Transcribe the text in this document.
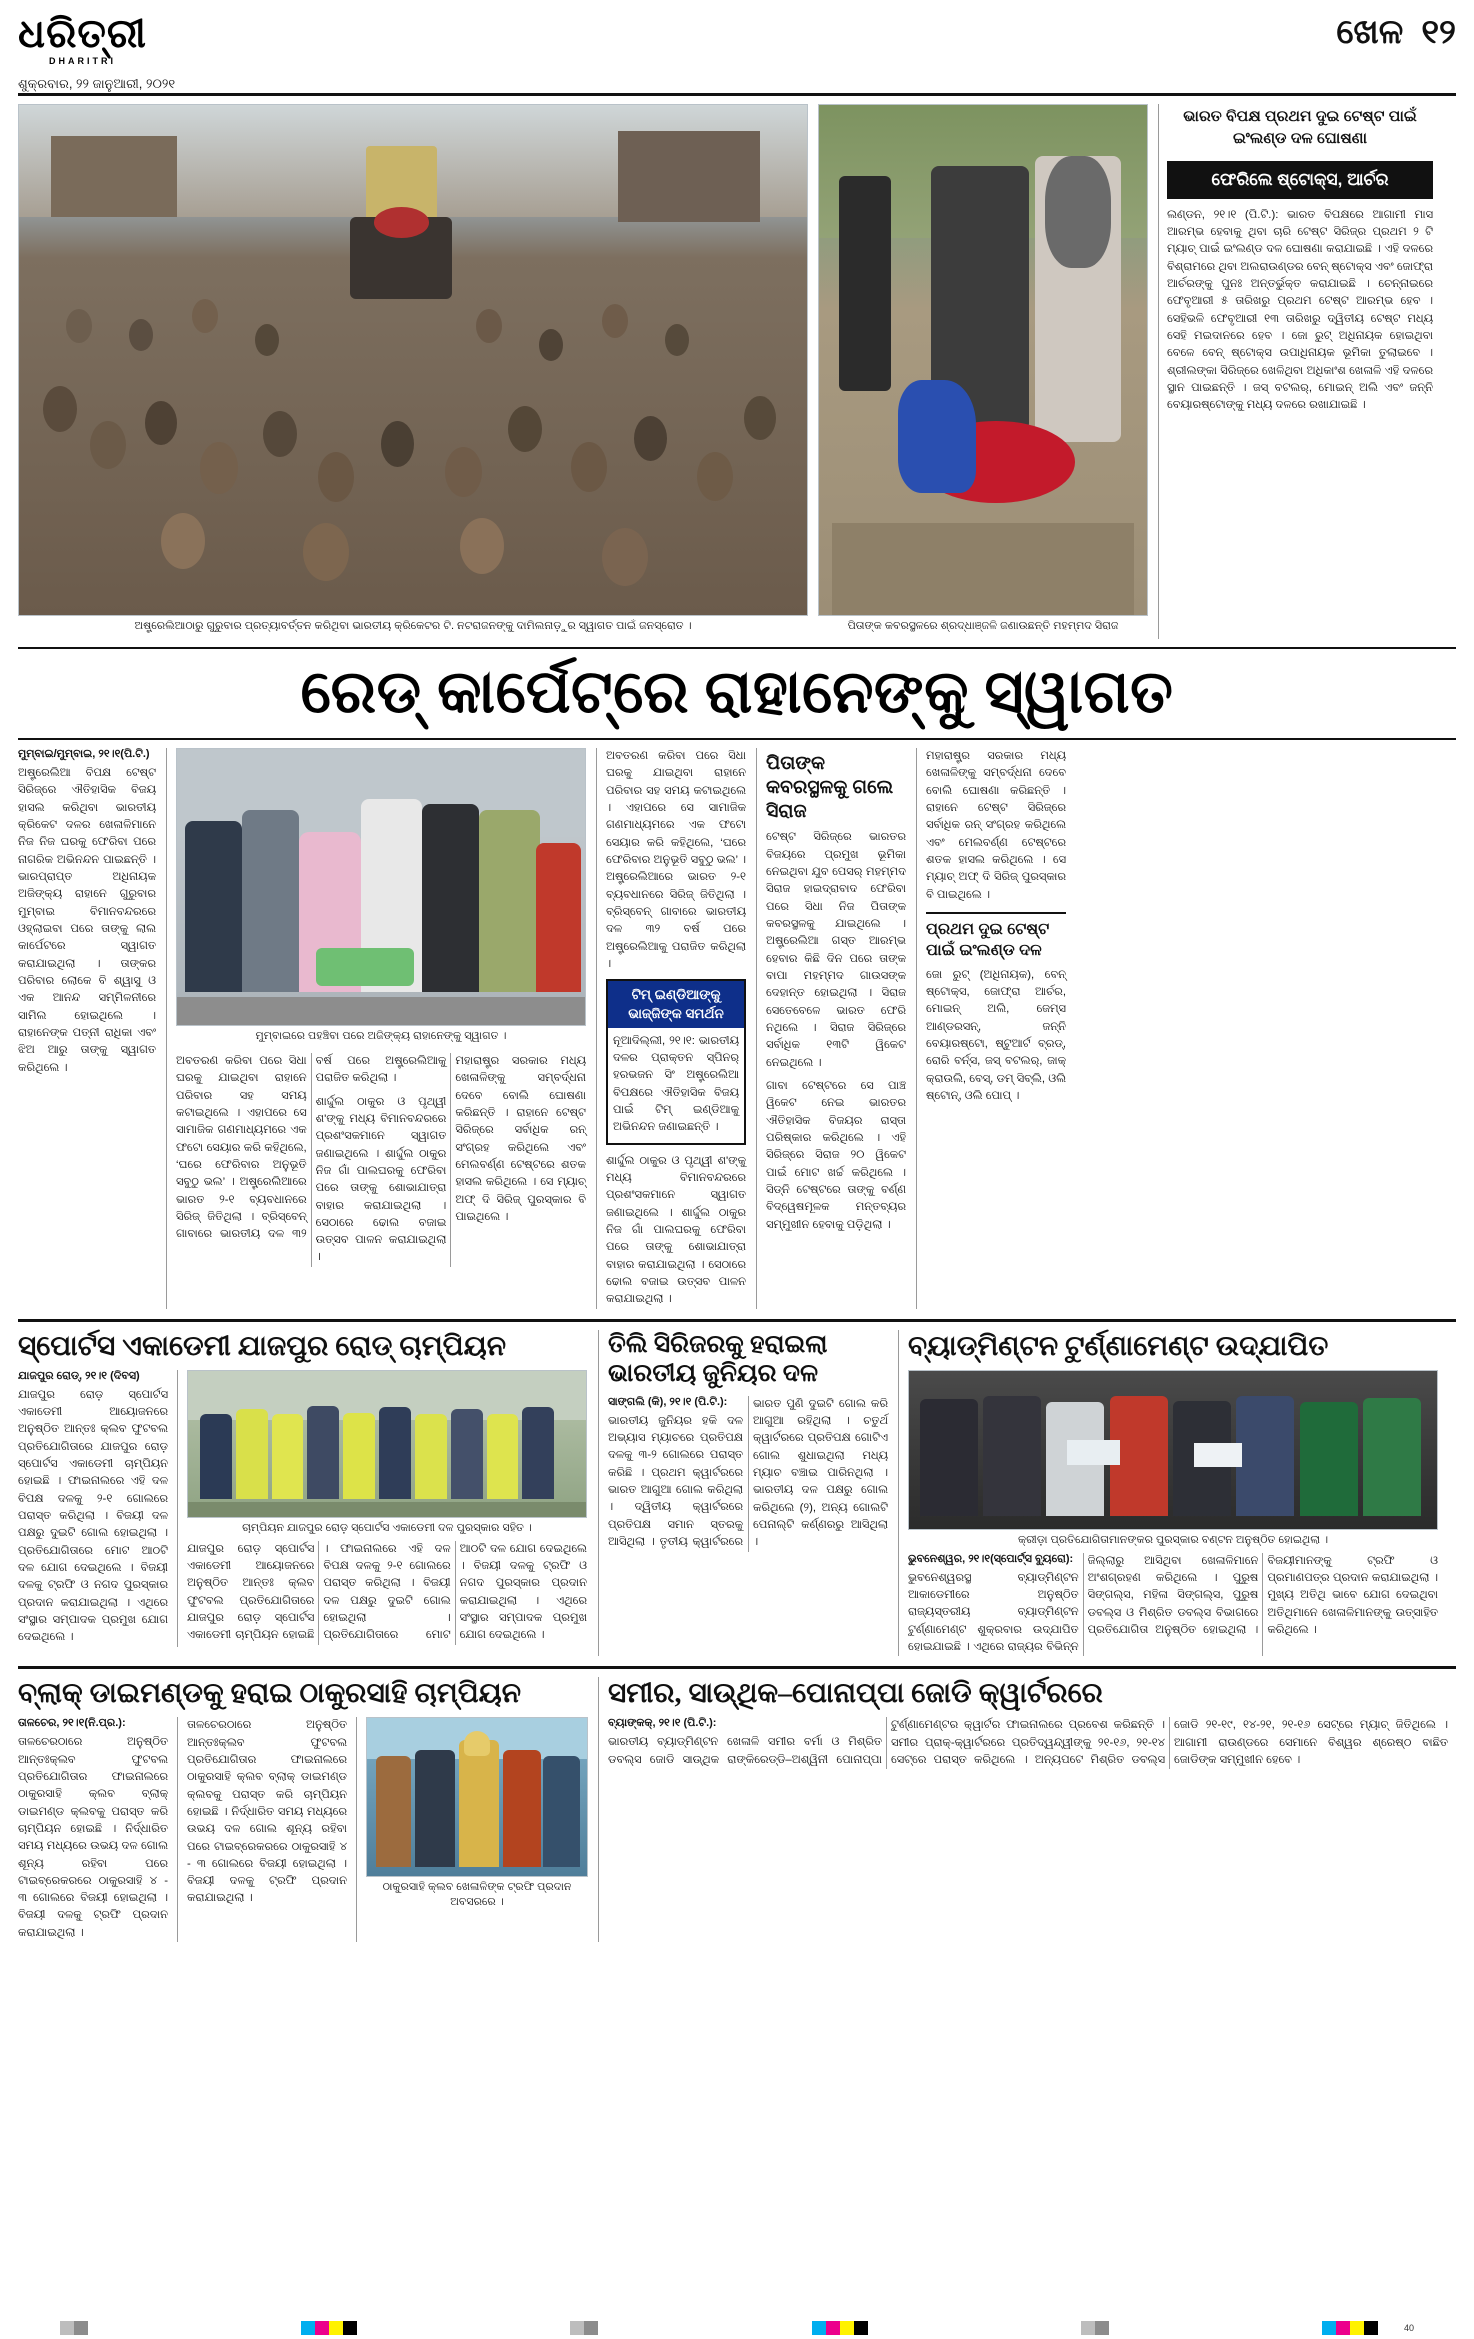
ଧରିତ୍ରୀ
DHARITRI
ଶୁକ୍ରବାର, ୨୨ ଜାନୁଆରୀ, ୨୦୨୧
ଖେଳ ୧୨
ଅଷ୍ଟ୍ରେଲିଆଠାରୁ ଗୁରୁବାର ପ୍ରତ୍ୟାବର୍ତ୍ତନ କରିଥିବା ଭାରତୀୟ କ୍ରିକେଟର ଟି. ନଟରାଜନଙ୍କୁ ଦାମିଲନାଡ଼ୁର ସ୍ୱାଗତ ପାଇଁ ଜନସ୍ରୋତ ।	ପିତାଙ୍କ କବରସ୍ଥଳରେ ଶ୍ରଦ୍ଧାଞ୍ଜଳି ଜଣାଉଛନ୍ତି ମହମ୍ମଦ ସିରାଜ
ଭାରତ ବିପକ୍ଷ ପ୍ରଥମ ଦୁଇ ଟେଷ୍ଟ ପାଇଁ ଇଂଲଣ୍ଡ ଦଳ ଘୋଷଣା
ଫେରିଲେ ଷ୍ଟୋକ୍ସ, ଆର୍ଚର
ଲଣ୍ଡନ, ୨୧।୧ (ପି.ଟି.): ଭାରତ ବିପକ୍ଷରେ ଆଗାମୀ ମାସ ଆରମ୍ଭ ହେବାକୁ ଥିବା ଚାରି ଟେଷ୍ଟ ସିରିଜ୍‌ର ପ୍ରଥମ ୨ ଟି ମ୍ୟାଚ୍‌ ପାଇଁ ଇଂଲଣ୍ଡ ଦଳ ଘୋଷଣା କରାଯାଇଛି । ଏହି ଦଳରେ ବିଶ୍ରାମରେ ଥିବା ଅଲରାଉଣ୍ଡର ବେନ୍‌ ଷ୍ଟୋକ୍ସ ଏବଂ ଜୋଫ୍ରା ଆର୍ଚରଙ୍କୁ ପୁନଃ ଅନ୍ତର୍ଭୁକ୍ତ କରାଯାଇଛି । ଚେନ୍ନାଇରେ ଫେବୃଆରୀ ୫ ତାରିଖରୁ ପ୍ରଥମ ଟେଷ୍ଟ ଆରମ୍ଭ ହେବ । ସେହିଭଳି ଫେବୃଆରୀ ୧୩ ତାରିଖରୁ ଦ୍ୱିତୀୟ ଟେଷ୍ଟ ମଧ୍ୟ ସେହି ମଇଦାନରେ ହେବ । ଜୋ ରୁଟ୍‌ ଅଧିନାୟକ ହୋଇଥିବା ବେଳେ ବେନ୍‌ ଷ୍ଟୋକ୍ସ ଉପାଧିନାୟକ ଭୂମିକା ତୁଲାଇବେ । ଶ୍ରୀଲଙ୍କା ସିରିଜ୍‌ରେ ଖେଳିଥିବା ଅଧିକାଂଶ ଖେଳାଳି ଏହି ଦଳରେ ସ୍ଥାନ ପାଇଛନ୍ତି । ଜସ୍‌ ବଟଲର୍‌, ମୋଇନ୍‌ ଅଲି ଏବଂ ଜନ୍ନି ବେୟାରଷ୍ଟୋଙ୍କୁ ମଧ୍ୟ ଦଳରେ ରଖାଯାଇଛି ।
ରେଡ୍‌ କାର୍ପେଟ୍‌ରେ ରାହାନେଙ୍କୁ ସ୍ୱାଗତ
ମୁମ୍ବାଇ/ମୁମ୍ବାଇ, ୨୧।୧(ପି.ଟି.)
ଅଷ୍ଟ୍ରେଲିଆ ବିପକ୍ଷ ଟେଷ୍ଟ ସିରିଜ୍‌ରେ ଐତିହାସିକ ବିଜୟ ହାସଲ କରିଥିବା ଭାରତୀୟ କ୍ରିକେଟ ଦଳର ଖେଳାଳିମାନେ ନିଜ ନିଜ ଘରକୁ ଫେରିବା ପରେ ନାଗରିକ ଅଭିନନ୍ଦନ ପାଇଛନ୍ତି । ଭାରପ୍ରାପ୍ତ ଅଧିନାୟକ ଅଜିଙ୍କ୍ୟ ରାହାନେ ଗୁରୁବାର ମୁମ୍ବାଇ ବିମାନବନ୍ଦରରେ ଓହ୍ଲାଇବା ପରେ ତାଙ୍କୁ ଲାଲ କାର୍ପେଟରେ ସ୍ୱାଗତ କରାଯାଇଥିଲା । ତାଙ୍କର ପରିବାର ଲୋକେ ବି ଶ୍ୱାସୁ ଓ ଏକ ଆନନ୍ଦ ସମ୍ମିଳନୀରେ ସାମିଲ ହୋଇଥିଲେ । ରାହାନେଙ୍କ ପତ୍ନୀ ରାଧିକା ଏବଂ ଝିଅ ଆରୁ ତାଙ୍କୁ ସ୍ୱାଗତ କରିଥିଲେ ।
ମୁମ୍ବାଇରେ ପହଞ୍ଚିବା ପରେ ଅଜିଙ୍କ୍ୟ ରାହାନେଙ୍କୁ ସ୍ୱାଗତ ।
ଅବତରଣ କରିବା ପରେ ସିଧା ଘରକୁ ଯାଇଥିବା ରାହାନେ ପରିବାର ସହ ସମୟ କଟାଇଥିଲେ । ଏହାପରେ ସେ ସାମାଜିକ ଗଣମାଧ୍ୟମରେ ଏକ ଫଟୋ ସେୟାର କରି କହିଥିଲେ, ‘ଘରେ ଫେରିବାର ଅନୁଭୂତି ସବୁଠୁ ଭଲ’ । ଅଷ୍ଟ୍ରେଲିଆରେ ଭାରତ ୨-୧ ବ୍ୟବଧାନରେ ସିରିଜ୍‌ ଜିତିଥିଲା । ବ୍ରିସ୍‌ବେନ୍‌ ଗାବାରେ ଭାରତୀୟ ଦଳ ୩୨ ବର୍ଷ ପରେ ଅଷ୍ଟ୍ରେଲିଆକୁ ପରାଜିତ କରିଥିଲା ।
ଶାର୍ଦ୍ଦୁଲ ଠାକୁର ଓ ପୃଥ୍ୱୀ ଶ'ଙ୍କୁ ମଧ୍ୟ ବିମାନବନ୍ଦରରେ ପ୍ରଶଂସକମାନେ ସ୍ୱାଗତ ଜଣାଇଥିଲେ । ଶାର୍ଦ୍ଦୁଲ ଠାକୁର ନିଜ ଗାଁ ପାଲଘରକୁ ଫେରିବା ପରେ ତାଙ୍କୁ ଶୋଭାଯାତ୍ରା ବାହାର କରାଯାଇଥିଲା । ସେଠାରେ ଢୋଲ ବଜାଇ ଉତ୍ସବ ପାଳନ କରାଯାଇଥିଲା ।
ମହାରାଷ୍ଟ୍ର ସରକାର ମଧ୍ୟ ଖେଳାଳିଙ୍କୁ ସମ୍ବର୍ଦ୍ଧନା ଦେବେ ବୋଲି ଘୋଷଣା କରିଛନ୍ତି । ରାହାନେ ଟେଷ୍ଟ ସିରିଜ୍‌ରେ ସର୍ବାଧିକ ରନ୍‌ ସଂଗ୍ରହ କରିଥିଲେ ଏବଂ ମେଲବର୍ଣ୍ଣ ଟେଷ୍ଟରେ ଶତକ ହାସଲ କରିଥିଲେ । ସେ ମ୍ୟାଚ୍‌ ଅଫ୍‌ ଦି ସିରିଜ୍‌ ପୁରସ୍କାର ବି ପାଇଥିଲେ ।
ଅବତରଣ କରିବା ପରେ ସିଧା ଘରକୁ ଯାଇଥିବା ରାହାନେ ପରିବାର ସହ ସମୟ କଟାଇଥିଲେ । ଏହାପରେ ସେ ସାମାଜିକ ଗଣମାଧ୍ୟମରେ ଏକ ଫଟୋ ସେୟାର କରି କହିଥିଲେ, ‘ଘରେ ଫେରିବାର ଅନୁଭୂତି ସବୁଠୁ ଭଲ’ । ଅଷ୍ଟ୍ରେଲିଆରେ ଭାରତ ୨-୧ ବ୍ୟବଧାନରେ ସିରିଜ୍‌ ଜିତିଥିଲା । ବ୍ରିସ୍‌ବେନ୍‌ ଗାବାରେ ଭାରତୀୟ ଦଳ ୩୨ ବର୍ଷ ପରେ ଅଷ୍ଟ୍ରେଲିଆକୁ ପରାଜିତ କରିଥିଲା ।
ଟିମ୍‌ ଇଣ୍ଡିଆଙ୍କୁ ଭାଜ୍ଜିଙ୍କ ସମର୍ଥନ
ନୂଆଦିଲ୍ଲୀ, ୨୧।୧: ଭାରତୀୟ ଦଳର ପ୍ରାକ୍ତନ ସ୍ପିନର୍‌ ହରଭଜନ ସିଂ ଅଷ୍ଟ୍ରେଲିଆ ବିପକ୍ଷରେ ଐତିହାସିକ ବିଜୟ ପାଇଁ ଟିମ୍‌ ଇଣ୍ଡିଆକୁ ଅଭିନନ୍ଦନ ଜଣାଇଛନ୍ତି ।
ଶାର୍ଦ୍ଦୁଲ ଠାକୁର ଓ ପୃଥ୍ୱୀ ଶ'ଙ୍କୁ ମଧ୍ୟ ବିମାନବନ୍ଦରରେ ପ୍ରଶଂସକମାନେ ସ୍ୱାଗତ ଜଣାଇଥିଲେ । ଶାର୍ଦ୍ଦୁଲ ଠାକୁର ନିଜ ଗାଁ ପାଲଘରକୁ ଫେରିବା ପରେ ତାଙ୍କୁ ଶୋଭାଯାତ୍ରା ବାହାର କରାଯାଇଥିଲା । ସେଠାରେ ଢୋଲ ବଜାଇ ଉତ୍ସବ ପାଳନ କରାଯାଇଥିଲା ।
ପିତାଙ୍କ କବରସ୍ଥଳକୁ ଗଲେ ସିରାଜ
ଟେଷ୍ଟ ସିରିଜ୍‌ରେ ଭାରତର ବିଜୟରେ ପ୍ରମୁଖ ଭୂମିକା ନେଇଥିବା ଯୁବ ପେସର୍‌ ମହମ୍ମଦ ସିରାଜ ହାଇଦ୍ରାବାଦ ଫେରିବା ପରେ ସିଧା ନିଜ ପିତାଙ୍କ କବରସ୍ଥଳକୁ ଯାଇଥିଲେ । ଅଷ୍ଟ୍ରେଲିଆ ଗସ୍ତ ଆରମ୍ଭ ହେବାର କିଛି ଦିନ ପରେ ତାଙ୍କ ବାପା ମହମ୍ମଦ ଗାଉସଙ୍କ ଦେହାନ୍ତ ହୋଇଥିଲା । ସିରାଜ ସେତେବେଳେ ଭାରତ ଫେରି ନଥିଲେ । ସିରାଜ ସିରିଜ୍‌ରେ ସର୍ବାଧିକ ୧୩ଟି ୱିକେଟ ନେଇଥିଲେ ।
ଗାବା ଟେଷ୍ଟରେ ସେ ପାଞ୍ଚ ୱିକେଟ ନେଇ ଭାରତର ଐତିହାସିକ ବିଜୟର ରାସ୍ତା ପରିଷ୍କାର କରିଥିଲେ । ଏହି ସିରିଜ୍‌ରେ ସିରାଜ ୨୦ ୱିକେଟ ପାଇଁ ମୋଟ ଖର୍ଚ୍ଚ କରିଥିଲେ । ସିଡ୍‌ନି ଟେଷ୍ଟରେ ତାଙ୍କୁ ବର୍ଣ୍ଣ ବିଦ୍ୱେଷମୂଳକ ମନ୍ତବ୍ୟର ସମ୍ମୁଖୀନ ହେବାକୁ ପଡ଼ିଥିଲା ।
ମହାରାଷ୍ଟ୍ର ସରକାର ମଧ୍ୟ ଖେଳାଳିଙ୍କୁ ସମ୍ବର୍ଦ୍ଧନା ଦେବେ ବୋଲି ଘୋଷଣା କରିଛନ୍ତି । ରାହାନେ ଟେଷ୍ଟ ସିରିଜ୍‌ରେ ସର୍ବାଧିକ ରନ୍‌ ସଂଗ୍ରହ କରିଥିଲେ ଏବଂ ମେଲବର୍ଣ୍ଣ ଟେଷ୍ଟରେ ଶତକ ହାସଲ କରିଥିଲେ । ସେ ମ୍ୟାଚ୍‌ ଅଫ୍‌ ଦି ସିରିଜ୍‌ ପୁରସ୍କାର ବି ପାଇଥିଲେ ।
ପ୍ରଥମ ଦୁଇ ଟେଷ୍ଟ ପାଇଁ ଇଂଲଣ୍ଡ ଦଳ
ଜୋ ରୁଟ୍‌ (ଅଧିନାୟକ), ବେନ୍‌ ଷ୍ଟୋକ୍ସ, ଜୋଫ୍ରା ଆର୍ଚର, ମୋଇନ୍‌ ଅଲି, ଜେମ୍ସ ଆଣ୍ଡରସନ୍‌, ଜନ୍ନି ବେୟାରଷ୍ଟୋ, ଷ୍ଟୁଆର୍ଟ ବ୍ରଡ୍‌, ରୋରି ବର୍ନ୍ସ, ଜସ୍‌ ବଟଲର୍‌, ଜାକ୍‌ କ୍ରାଉଲି, ବେସ୍‌, ଡମ୍‌ ସିବ୍‌ଲି, ଓଲି ଷ୍ଟୋନ୍‌, ଓଲି ପୋପ୍‌ ।
ସ୍ପୋର୍ଟସ ଏକାଡେମୀ ଯାଜପୁର ରୋଡ୍‌ ଚାମ୍ପିୟନ
ଯାଜପୁର ରୋଡ୍‌, ୨୧।୧ (ଦିବସ)
ଯାଜପୁର ରୋଡ଼ ସ୍ପୋର୍ଟସ ଏକାଡେମୀ ଆୟୋଜନରେ ଅନୁଷ୍ଠିତ ଆନ୍ତଃ କ୍ଲବ ଫୁଟବଲ ପ୍ରତିଯୋଗିତାରେ ଯାଜପୁର ରୋଡ଼ ସ୍ପୋର୍ଟସ ଏକାଡେମୀ ଚାମ୍ପିୟନ ହୋଇଛି । ଫାଇନାଲରେ ଏହି ଦଳ ବିପକ୍ଷ ଦଳକୁ ୨-୧ ଗୋଲରେ ପରାସ୍ତ କରିଥିଲା । ବିଜୟୀ ଦଳ ପକ୍ଷରୁ ଦୁଇଟି ଗୋଲ ହୋଇଥିଲା । ପ୍ରତିଯୋଗିତାରେ ମୋଟ ଆଠଟି ଦଳ ଯୋଗ ଦେଇଥିଲେ । ବିଜୟୀ ଦଳକୁ ଟ୍ରଫି ଓ ନଗଦ ପୁରସ୍କାର ପ୍ରଦାନ କରାଯାଇଥିଲା । ଏଥିରେ ସଂସ୍ଥାର ସମ୍ପାଦକ ପ୍ରମୁଖ ଯୋଗ ଦେଇଥିଲେ ।
ଚାମ୍ପିୟନ ଯାଜପୁର ରୋଡ଼ ସ୍ପୋର୍ଟସ ଏକାଡେମୀ ଦଳ ପୁରସ୍କାର ସହିତ ।
ଯାଜପୁର ରୋଡ଼ ସ୍ପୋର୍ଟସ ଏକାଡେମୀ ଆୟୋଜନରେ ଅନୁଷ୍ଠିତ ଆନ୍ତଃ କ୍ଲବ ଫୁଟବଲ ପ୍ରତିଯୋଗିତାରେ ଯାଜପୁର ରୋଡ଼ ସ୍ପୋର୍ଟସ ଏକାଡେମୀ ଚାମ୍ପିୟନ ହୋଇଛି । ଫାଇନାଲରେ ଏହି ଦଳ ବିପକ୍ଷ ଦଳକୁ ୨-୧ ଗୋଲରେ ପରାସ୍ତ କରିଥିଲା । ବିଜୟୀ ଦଳ ପକ୍ଷରୁ ଦୁଇଟି ଗୋଲ ହୋଇଥିଲା । ପ୍ରତିଯୋଗିତାରେ ମୋଟ ଆଠଟି ଦଳ ଯୋଗ ଦେଇଥିଲେ । ବିଜୟୀ ଦଳକୁ ଟ୍ରଫି ଓ ନଗଦ ପୁରସ୍କାର ପ୍ରଦାନ କରାଯାଇଥିଲା । ଏଥିରେ ସଂସ୍ଥାର ସମ୍ପାଦକ ପ୍ରମୁଖ ଯୋଗ ଦେଇଥିଲେ ।
ତିଲି ସିରିଜରକୁ ହରାଇଲା ଭାରତୀୟ ଜୁନିୟର ଦଳ
ସାଙ୍ଗଲି (କି), ୨୧।୧ (ପି.ଟି.):
ଭାରତୀୟ ଜୁନିୟର ହକି ଦଳ ଅଭ୍ୟାସ ମ୍ୟାଚରେ ପ୍ରତିପକ୍ଷ ଦଳକୁ ୩-୨ ଗୋଲରେ ପରାସ୍ତ କରିଛି । ପ୍ରଥମ କ୍ୱାର୍ଟରରେ ଭାରତ ଆଗୁଆ ଗୋଲ କରିଥିଲା । ଦ୍ୱିତୀୟ କ୍ୱାର୍ଟରରେ ପ୍ରତିପକ୍ଷ ସମାନ ସ୍ତରକୁ ଆସିଥିଲା । ତୃତୀୟ କ୍ୱାର୍ଟରରେ ଭାରତ ପୁଣି ଦୁଇଟି ଗୋଲ କରି ଆଗୁଆ ରହିଥିଲା । ଚତୁର୍ଥ କ୍ୱାର୍ଟରରେ ପ୍ରତିପକ୍ଷ ଗୋଟିଏ ଗୋଲ ଶୁଧାଇଥିଲା ମଧ୍ୟ ମ୍ୟାଚ ବଞ୍ଚାଇ ପାରିନଥିଲା । ଭାରତୀୟ ଦଳ ପକ୍ଷରୁ ଗୋଲ କରିଥିଲେ (୨), ଅନ୍ୟ ଗୋଲଟି ପେନାଲ୍ଟି କର୍ଣ୍ଣରରୁ ଆସିଥିଲା ।
ବ୍ୟାଡ୍‌ମିଣ୍ଟନ ଟୁର୍ଣ୍ଣାମେଣ୍ଟ ଉଦ୍‌ଯାପିତ
କ୍ରୀଡ଼ା ପ୍ରତିଯୋଗିତାମାନଙ୍କର ପୁରସ୍କାର ବଣ୍ଟନ ଅନୁଷ୍ଠିତ ହୋଇଥିଲା ।
ଭୁବନେଶ୍ୱର, ୨୧।୧(ସ୍ପୋର୍ଟ୍ସ ବ୍ୟୁରୋ):
ଭୁବନେଶ୍ୱରସ୍ଥ ବ୍ୟାଡ୍‌ମିଣ୍ଟନ ଆକାଡେମୀରେ ଅନୁଷ୍ଠିତ ରାଜ୍ୟସ୍ତରୀୟ ବ୍ୟାଡ୍‌ମିଣ୍ଟନ ଟୁର୍ଣ୍ଣାମେଣ୍ଟ ଶୁକ୍ରବାର ଉଦ୍‌ଯାପିତ ହୋଇଯାଇଛି । ଏଥିରେ ରାଜ୍ୟର ବିଭିନ୍ନ ଜିଲ୍ଲାରୁ ଆସିଥିବା ଖେଳାଳିମାନେ ଅଂଶଗ୍ରହଣ କରିଥିଲେ । ପୁରୁଷ ସିଙ୍ଗଲ୍ସ, ମହିଳା ସିଙ୍ଗଲ୍ସ, ପୁରୁଷ ଡବଲ୍ସ ଓ ମିଶ୍ରିତ ଡବଲ୍ସ ବିଭାଗରେ ପ୍ରତିଯୋଗିତା ଅନୁଷ୍ଠିତ ହୋଇଥିଲା । ବିଜୟୀମାନଙ୍କୁ ଟ୍ରଫି ଓ ପ୍ରମାଣପତ୍ର ପ୍ରଦାନ କରାଯାଇଥିଲା । ମୁଖ୍ୟ ଅତିଥି ଭାବେ ଯୋଗ ଦେଇଥିବା ଅତିଥିମାନେ ଖେଳାଳିମାନଙ୍କୁ ଉତ୍ସାହିତ କରିଥିଲେ ।
ବ୍ଲାକ୍‌ ଡାଇମଣ୍ଡକୁ ହରାଇ ଠାକୁରସାହି ଚାମ୍ପିୟନ
ତାଳଚେର, ୨୧।୧(ନି.ପ୍ର.):
ତାଳଚେରଠାରେ ଅନୁଷ୍ଠିତ ଆନ୍ତଃକ୍ଲବ ଫୁଟବଲ ପ୍ରତିଯୋଗିତାର ଫାଇନାଲରେ ଠାକୁରସାହି କ୍ଲବ ବ୍ଲାକ୍‌ ଡାଇମଣ୍ଡ କ୍ଲବକୁ ପରାସ୍ତ କରି ଚାମ୍ପିୟନ ହୋଇଛି । ନିର୍ଦ୍ଧାରିତ ସମୟ ମଧ୍ୟରେ ଉଭୟ ଦଳ ଗୋଲ ଶୂନ୍ୟ ରହିବା ପରେ ଟାଇବ୍ରେକରରେ ଠାକୁରସାହି ୪ - ୩ ଗୋଲରେ ବିଜୟୀ ହୋଇଥିଲା । ବିଜୟୀ ଦଳକୁ ଟ୍ରଫି ପ୍ରଦାନ କରାଯାଇଥିଲା ।
ତାଳଚେରଠାରେ ଅନୁଷ୍ଠିତ ଆନ୍ତଃକ୍ଲବ ଫୁଟବଲ ପ୍ରତିଯୋଗିତାର ଫାଇନାଲରେ ଠାକୁରସାହି କ୍ଲବ ବ୍ଲାକ୍‌ ଡାଇମଣ୍ଡ କ୍ଲବକୁ ପରାସ୍ତ କରି ଚାମ୍ପିୟନ ହୋଇଛି । ନିର୍ଦ୍ଧାରିତ ସମୟ ମଧ୍ୟରେ ଉଭୟ ଦଳ ଗୋଲ ଶୂନ୍ୟ ରହିବା ପରେ ଟାଇବ୍ରେକରରେ ଠାକୁରସାହି ୪ - ୩ ଗୋଲରେ ବିଜୟୀ ହୋଇଥିଲା । ବିଜୟୀ ଦଳକୁ ଟ୍ରଫି ପ୍ରଦାନ କରାଯାଇଥିଲା ।
ଠାକୁରସାହି କ୍ଲବ ଖେଳାଳିଙ୍କ ଟ୍ରଫି ପ୍ରଦାନ ଅବସରରେ ।
ସମୀର, ସାଉ୍ଥିକ–ପୋନାପ୍ପା ଜୋଡି କ୍ୱାର୍ଟରରେ
ବ୍ୟାଙ୍କକ୍‌, ୨୧।୧ (ପି.ଟି.):
ଭାରତୀୟ ବ୍ୟାଡ୍‌ମିଣ୍ଟନ ଖେଳାଳି ସମୀର ବର୍ମା ଓ ମିଶ୍ରିତ ଡବଲ୍ସ ଜୋଡି ସାଉ୍ଥିକ ରାଙ୍କିରେଡ୍ଡି–ଅଶ୍ୱିନୀ ପୋନାପ୍ପା ଟୁର୍ଣ୍ଣାମେଣ୍ଟର କ୍ୱାର୍ଟର ଫାଇନାଲରେ ପ୍ରବେଶ କରିଛନ୍ତି । ସମୀର ପ୍ରାକ୍‌-କ୍ୱାର୍ଟରରେ ପ୍ରତିଦ୍ୱନ୍ଦ୍ୱୀଙ୍କୁ ୨୧-୧୬, ୨୧-୧୪ ସେଟ୍‌ରେ ପରାସ୍ତ କରିଥିଲେ । ଅନ୍ୟପଟେ ମିଶ୍ରିତ ଡବଲ୍ସ ଜୋଡି ୨୧-୧୯, ୧୪-୨୧, ୨୧-୧୬ ସେଟ୍‌ରେ ମ୍ୟାଚ୍‌ ଜିତିଥିଲେ । ଆଗାମୀ ରାଉଣ୍ଡରେ ସେମାନେ ବିଶ୍ୱର ଶ୍ରେଷ୍ଠ ବାଛିତ ଜୋଡିଙ୍କ ସମ୍ମୁଖୀନ ହେବେ ।
40
